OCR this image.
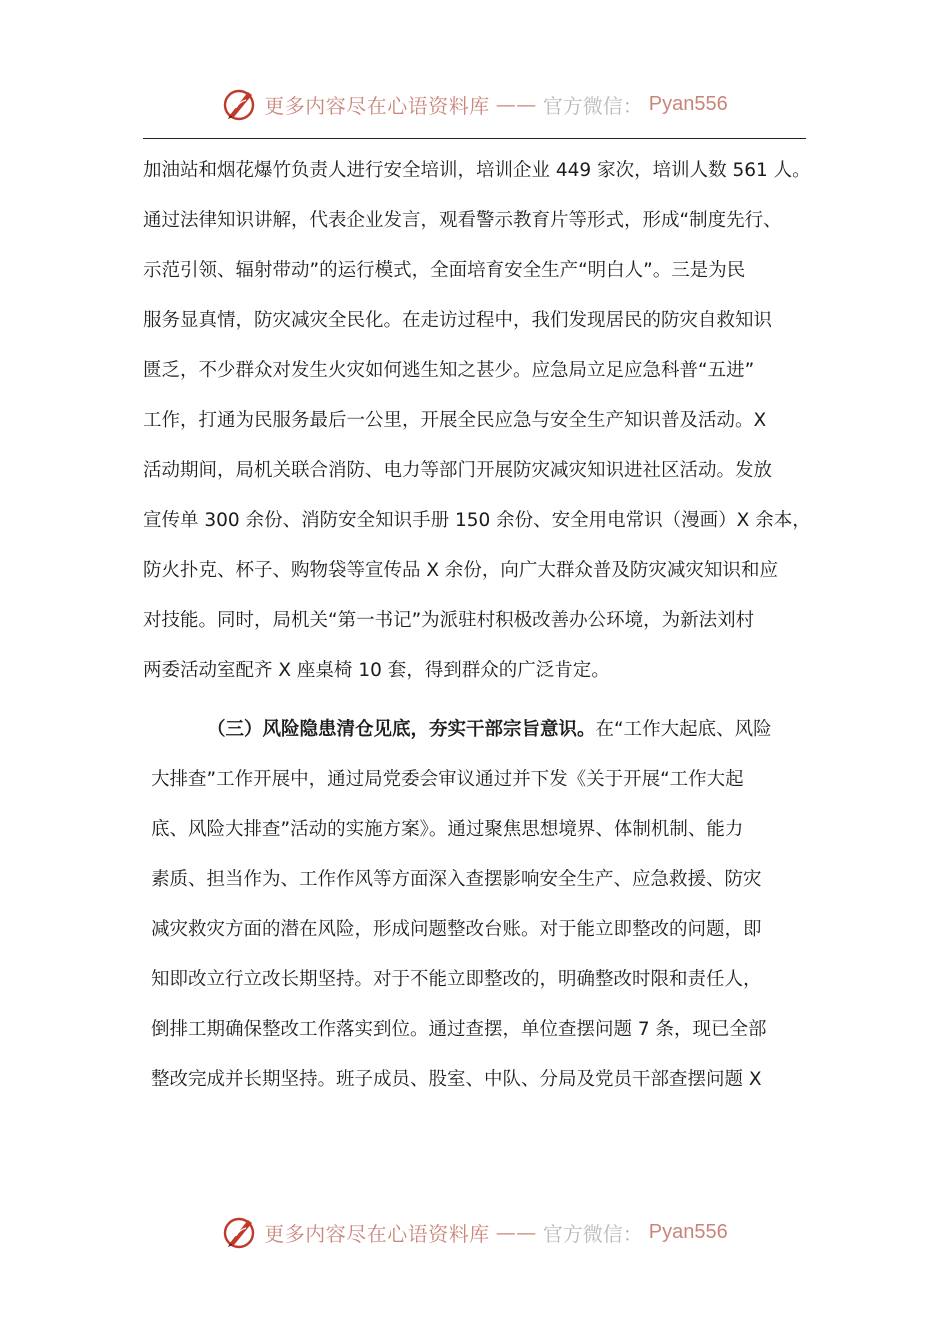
更多内容尽在心语资料库 —— 官方微信： Pyan556
加油站和烟花爆竹负责人进行安全培训，培训企业 449 家次，培训人数 561 人。
通过法律知识讲解，代表企业发言，观看警示教育片等形式，形成“制度先行、
示范引领、辐射带动”的运行模式，全面培育安全生产“明白人”。三是为民
服务显真情，防灾减灾全民化。在走访过程中，我们发现居民的防灾自救知识
匮乏，不少群众对发生火灾如何逃生知之甚少。应急局立足应急科普“五进”
工作，打通为民服务最后一公里，开展全民应急与安全生产知识普及活动。X
活动期间，局机关联合消防、电力等部门开展防灾减灾知识进社区活动。发放
宣传单 300 余份、消防安全知识手册 150 余份、安全用电常识（漫画）X 余本，
防火扑克、杯子、购物袋等宣传品 X 余份，向广大群众普及防灾减灾知识和应
对技能。同时，局机关“第一书记”为派驻村积极改善办公环境，为新法刘村
两委活动室配齐 X 座桌椅 10 套，得到群众的广泛肯定。
（三）风险隐患清仓见底，夯实干部宗旨意识。在“工作大起底、风险
大排查”工作开展中，通过局党委会审议通过并下发《关于开展“工作大起
底、风险大排查”活动的实施方案》。通过聚焦思想境界、体制机制、能力
素质、担当作为、工作作风等方面深入查摆影响安全生产、应急救援、防灾
减灾救灾方面的潜在风险，形成问题整改台账。对于能立即整改的问题，即
知即改立行立改长期坚持。对于不能立即整改的，明确整改时限和责任人，
倒排工期确保整改工作落实到位。通过查摆，单位查摆问题 7 条，现已全部
整改完成并长期坚持。班子成员、股室、中队、分局及党员干部查摆问题 X
更多内容尽在心语资料库 —— 官方微信： Pyan556
